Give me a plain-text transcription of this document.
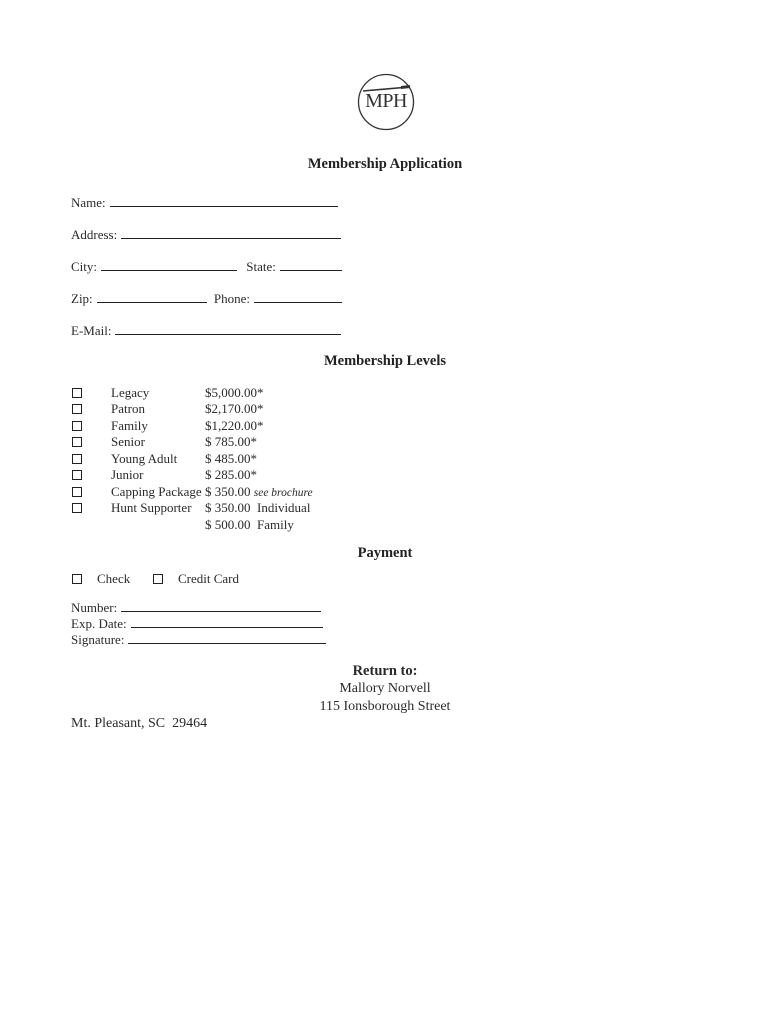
MPH
Membership Application
Name:
Address:
City:	State:
Zip:	Phone:
E-Mail:
Membership Levels
Legacy	$5,000.00*
Patron	$2,170.00*
Family	$1,220.00*
Senior	$ 785.00*
Young Adult $ 485.00*
Junior	$ 285.00*
Capping Package $ 350.00 see brochure
Hunt Supporter $ 350.00  Individual
$ 500.00  Family
Payment
Check	Credit Card
Number:
Exp. Date:
Signature:
Return to:
Mallory Norvell
115 Ionsborough Street
Mt. Pleasant, SC  29464
